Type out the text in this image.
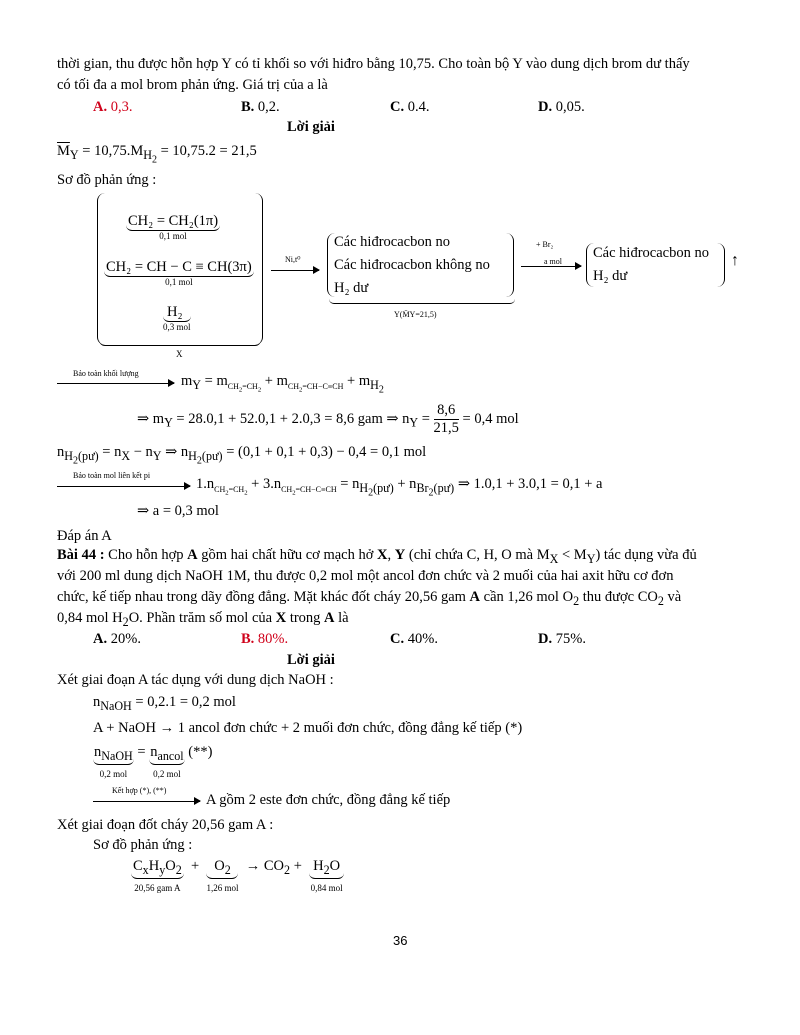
thời gian, thu được hỗn hợp Y có tỉ khối so với hiđro bằng 10,75. Cho toàn bộ Y vào dung dịch brom dư thấy
có tối đa a mol brom phản ứng. Giá trị của a là
A. 0,3.	B. 0,2.	C. 0.4.	D. 0,05.
Lời giải
$\overline{M}_Y = 10,75.M_{H_2} = 10,75.2 = 21,5$
Sơ đồ phản ứng :
X
CH₂ = CH₂(1π)
0,1 mol
CH₂ = CH − C ≡ CH(3π)
0,1 mol
H₂
0,3 mol
Ni,t⁰
Các hiđrocacbon no
Các hiđrocacbon không no
H₂ dư
Y(M̄Y=21,5)
+ Br₂
a mol
Các hiđrocacbon no
H₂ dư
↑
Bảo toàn khối lượng	$m_Y = m_{CH_2=CH_2} + m_{CH_2=CH-C\equiv CH} + m_{H_2}$
⇒ $m_Y = 28.0,1 + 52.0,1 + 2.0,3 = 8,6$ gam ⇒ $n_Y = \frac{8,6}{21,5} = 0,4$ mol
$n_{H_2(pư)} = n_X - n_Y$ ⇒ $n_{H_2(pư)} = (0,1 + 0,1 + 0,3) - 0,4 = 0,1$ mol
Bảo toàn mol liên kết pi
$1.n_{CH_2=CH_2} + 3.n_{CH_2=CH-C\equiv CH} = n_{H_2(pư)} + n_{Br_2(pư)}$ ⇒ 1.0,1 + 3.0,1 = 0,1 + a
⇒ a = 0,3 mol
Đáp án A
Bài 44 : Cho hỗn hợp A gồm hai chất hữu cơ mạch hở X, Y (chỉ chứa C, H, O mà $M_X < M_Y$) tác dụng vừa đủ
với 200 ml dung dịch NaOH 1M, thu được 0,2 mol một ancol đơn chức và 2 muối của hai axit hữu cơ đơn
chức, kế tiếp nhau trong dãy đồng đẳng. Mặt khác đốt cháy 20,56 gam A cần 1,26 mol $O_2$ thu được $CO_2$ và
0,84 mol $H_2O$. Phần trăm số mol của X trong A là
A. 20%.	B. 80%.	C. 40%.	D. 75%.
Lời giải
Xét giai đoạn A tác dụng với dung dịch NaOH :
$n_{NaOH} = 0,2.1 = 0,2$ mol
A + NaOH → 1 ancol đơn chức + 2 muối đơn chức, đồng đẳng kế tiếp (*)
$n_{NaOH}$
0,2 mol = $n_{ancol}$
0,2 mol (**)
Kết hợp (*), (**)
A gồm 2 este đơn chức, đồng đẳng kế tiếp
Xét giai đoạn đốt cháy 20,56 gam A :
Sơ đồ phản ứng :
$C_xH_yO_2$
20,56 gam $A + O_2$
1,26 mol  → $CO_2 + H_2O$
0,84 mol
36
